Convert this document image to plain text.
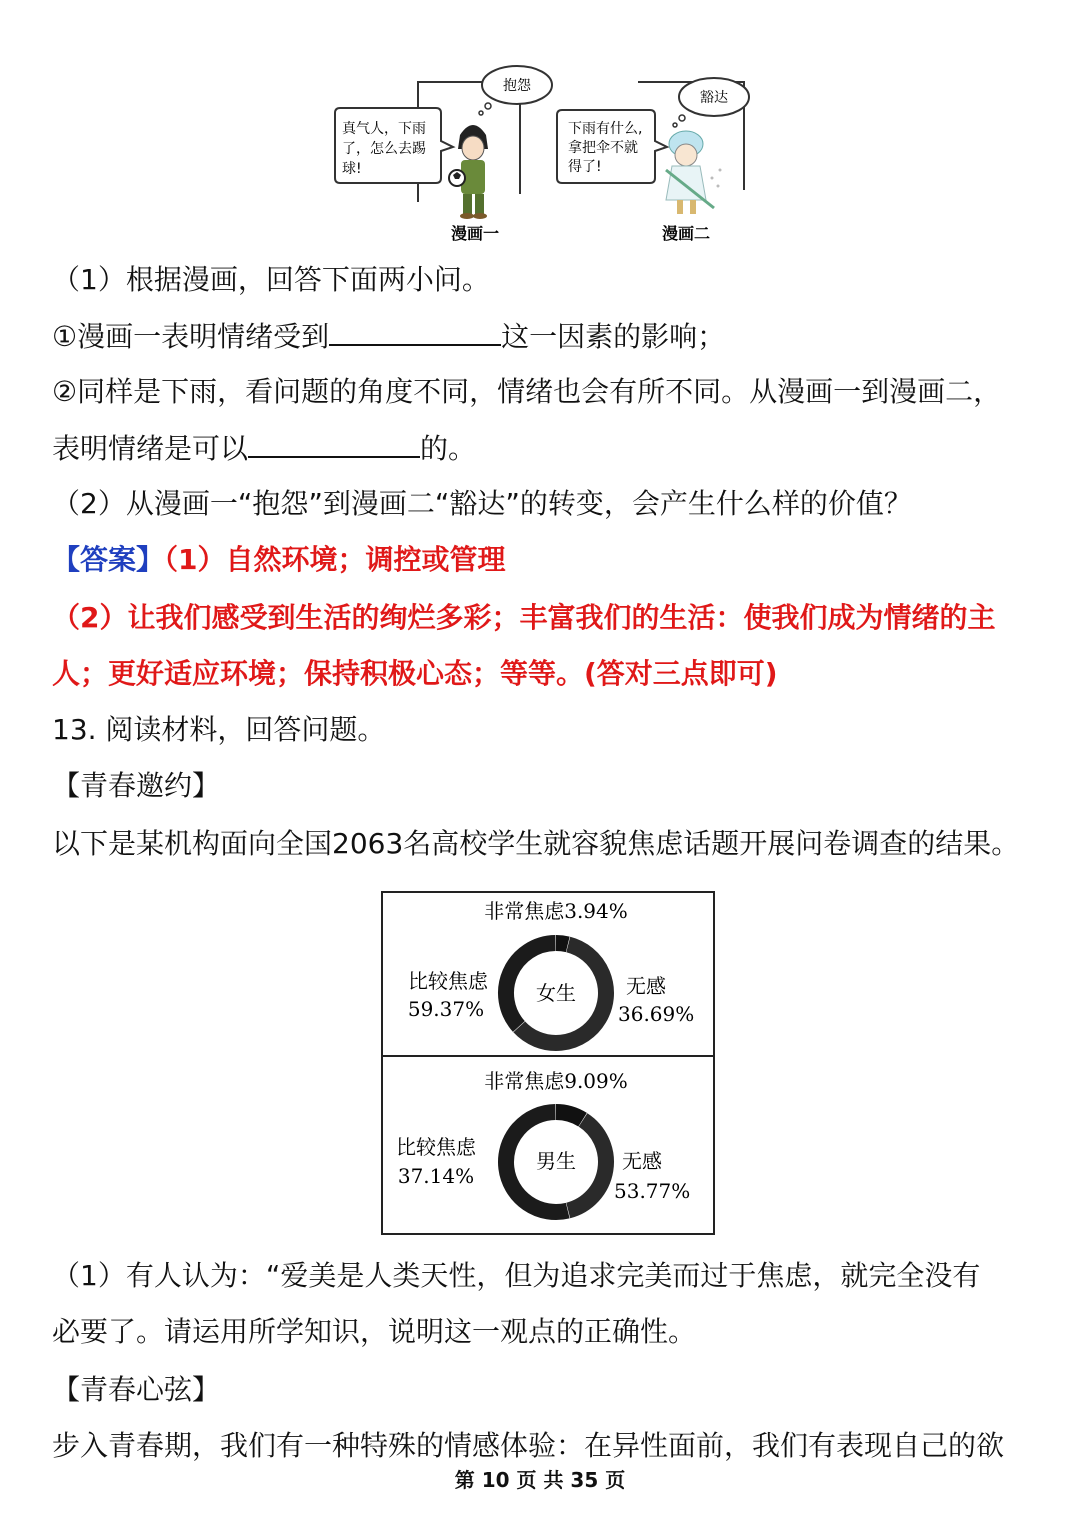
抱怨
真气人，下雨
了，怎么去踢
球!
漫画一
豁达
下雨有什么,
拿把伞不就
得了!
漫画二
（1）根据漫画，回答下面两小问。
①漫画一表明情绪受到	这一因素的影响；
②同样是下雨，看问题的角度不同，情绪也会有所不同。从漫画一到漫画二，
表明情绪是可以	的。
（2）从漫画一“抱怨”到漫画二“豁达”的转变，会产生什么样的价值？
【答案】（1）自然环境；调控或管理
（2）让我们感受到生活的绚烂多彩；丰富我们的生活：使我们成为情绪的主
人；更好适应环境；保持积极心态；等等。(答对三点即可)
13. 阅读材料，回答问题。
【青春邀约】
以下是某机构面向全国2063名高校学生就容貌焦虑话题开展问卷调查的结果。
非常焦虑3.94%
女生
比较焦虑
59.37%
无感
36.69%
非常焦虑9.09%
男生
比较焦虑
37.14%
无感
53.77%
（1）有人认为：“爱美是人类天性，但为追求完美而过于焦虑，就完全没有
必要了。请运用所学知识，说明这一观点的正确性。
【青春心弦】
步入青春期，我们有一种特殊的情感体验：在异性面前，我们有表现自己的欲
第 10 页 共 35 页
